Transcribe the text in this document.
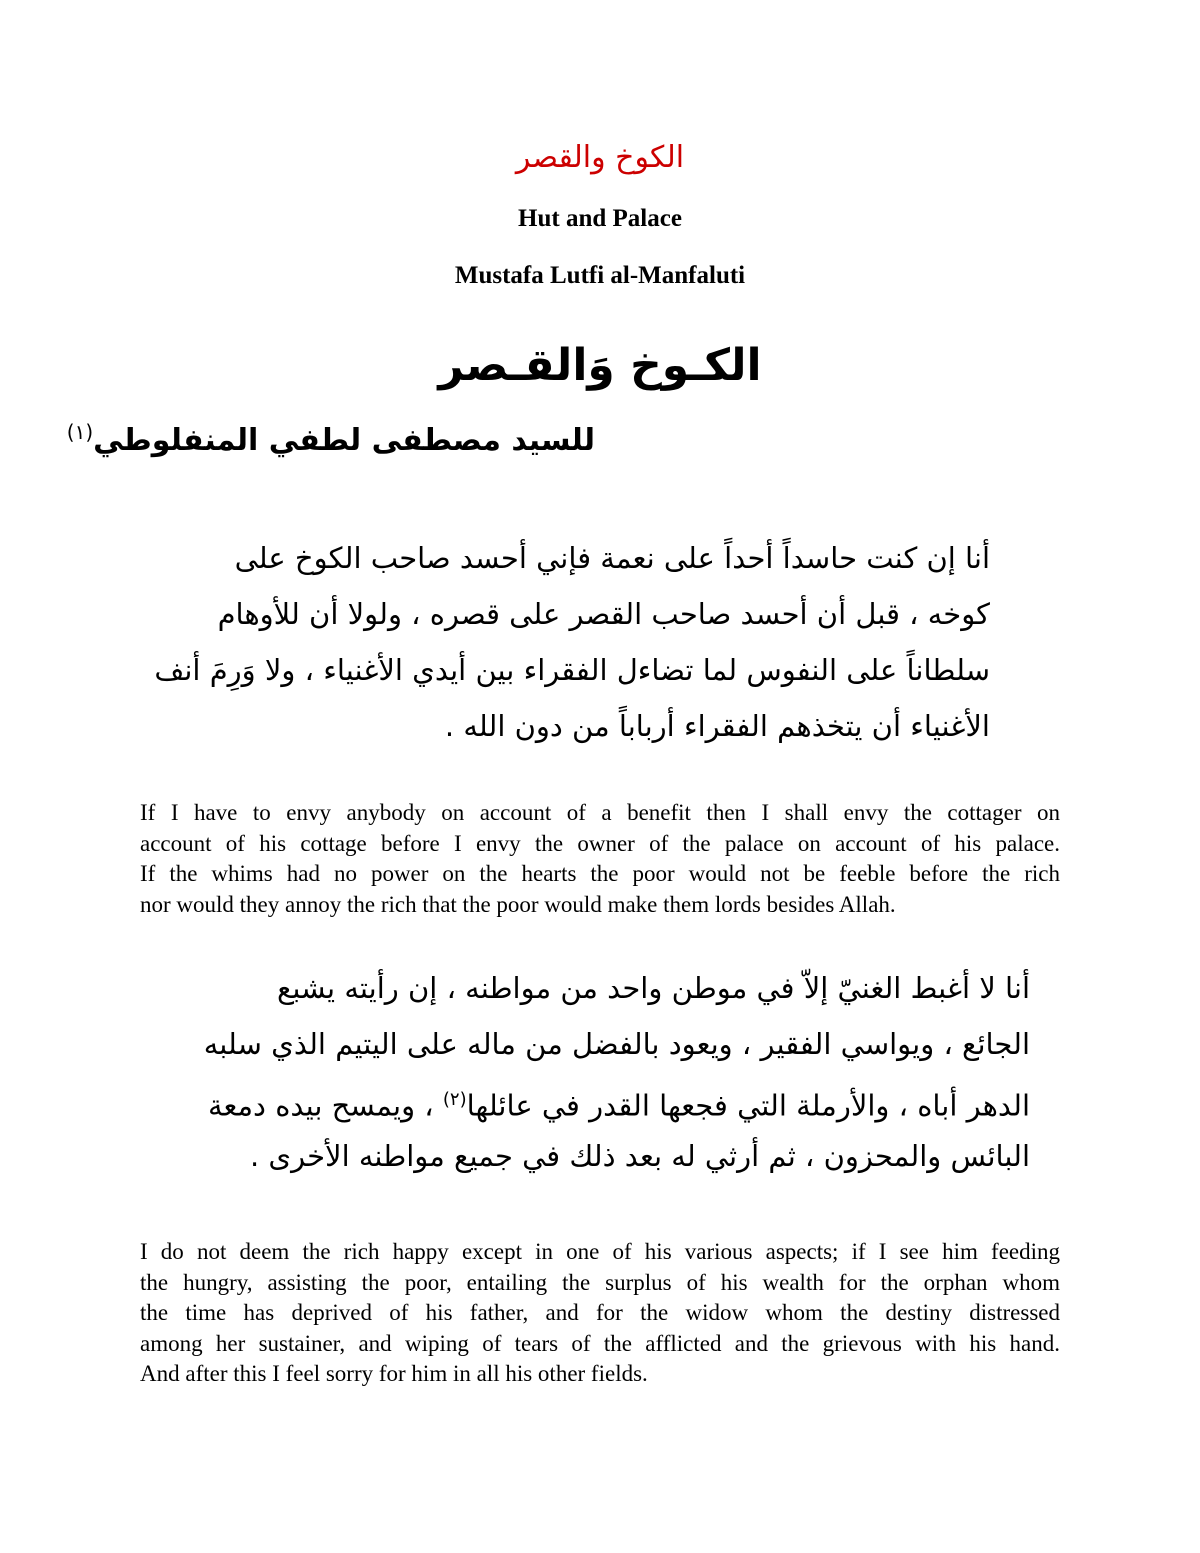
الكوخ والقصر
Hut and Palace
Mustafa Lutfi al-Manfaluti
الكـوخ وَالقـصر
للسيد مصطفى لطفي المنفلوطي$^{(١)}$
أنا إن كنت حاسداً أحداً على نعمة فإني أحسد صاحب الكوخ على
كوخه ، قبل أن أحسد صاحب القصر على قصره ، ولولا أن للأوهام
سلطاناً على النفوس لما تضاءل الفقراء بين أيدي الأغنياء ، ولا وَرِمَ أنف
الأغنياء أن يتخذهم الفقراء أرباباً من دون الله .
If I have to envy anybody on account of a benefit then I shall envy the cottager on
account of his cottage before I envy the owner of the palace on account of his palace.
If the whims had no power on the hearts the poor would not be feeble before the rich
nor would they annoy the rich that the poor would make them lords besides Allah.
أنا لا أغبط الغنيّ إلاّ في موطن واحد من مواطنه ، إن رأيته يشبع
الجائع ، ويواسي الفقير ، ويعود بالفضل من ماله على اليتيم الذي سلبه
الدهر أباه ، والأرملة التي فجعها القدر في عائلها$^{(٢)}$ ، ويمسح بيده دمعة
البائس والمحزون ، ثم أرثي له بعد ذلك في جميع مواطنه الأخرى .
I do not deem the rich happy except in one of his various aspects; if I see him feeding
the hungry, assisting the poor, entailing the surplus of his wealth for the orphan whom
the time has deprived of his father, and for the widow whom the destiny distressed
among her sustainer, and wiping of tears of the afflicted and the grievous with his hand.
And after this I feel sorry for him in all his other fields.
